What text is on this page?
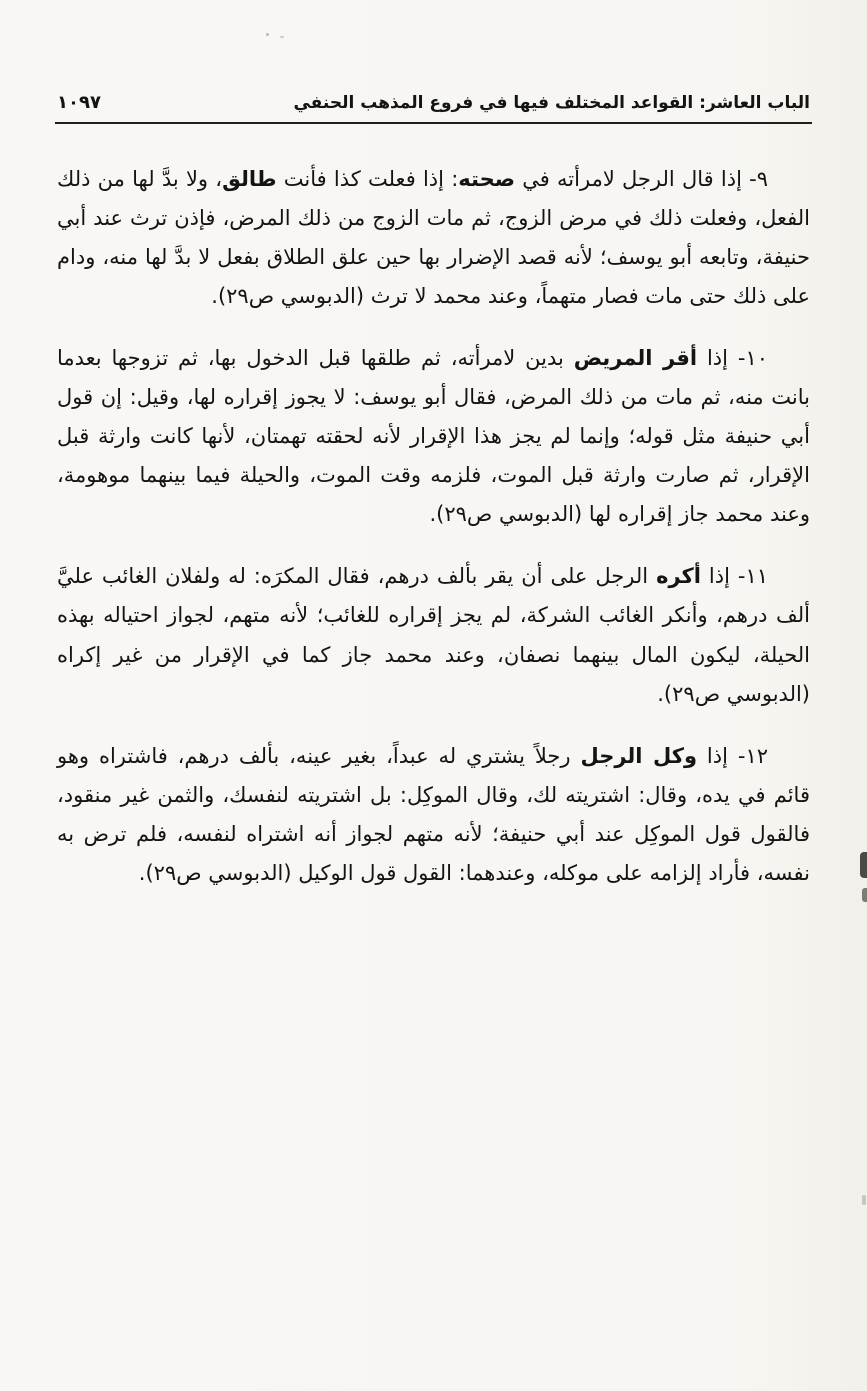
الباب العاشر: القواعد المختلف فيها في فروع المذهب الحنفي
١٠٩٧

٩- إذا قال الرجل لامرأته في صحته: إذا فعلت كذا فأنت طالق، ولا بدَّ لها من ذلك الفعل، وفعلت ذلك في مرض الزوج، ثم مات الزوج من ذلك المرض، فإذن ترث عند أبي حنيفة، وتابعه أبو يوسف؛ لأنه قصد الإضرار بها حين علق الطلاق بفعل لا بدَّ لها منه، ودام على ذلك حتى مات فصار متهماً، وعند محمد لا ترث (الدبوسي ص٢٩).

١٠- إذا أقر المريض بدين لامرأته، ثم طلقها قبل الدخول بها، ثم تزوجها بعدما بانت منه، ثم مات من ذلك المرض، فقال أبو يوسف: لا يجوز إقراره لها، وقيل: إن قول أبي حنيفة مثل قوله؛ وإنما لم يجز هذا الإقرار لأنه لحقته تهمتان، لأنها كانت وارثة قبل الإقرار، ثم صارت وارثة قبل الموت، فلزمه وقت الموت، والحيلة فيما بينهما موهومة، وعند محمد جاز إقراره لها (الدبوسي ص٢٩).

١١- إذا أكره الرجل على أن يقر بألف درهم، فقال المكرَه: له ولفلان الغائب عليَّ ألف درهم، وأنكر الغائب الشركة، لم يجز إقراره للغائب؛ لأنه متهم، لجواز احتياله بهذه الحيلة، ليكون المال بينهما نصفان، وعند محمد جاز كما في الإقرار من غير إكراه (الدبوسي ص٢٩).

١٢- إذا وكل الرجل رجلاً يشتري له عبداً، بغير عينه، بألف درهم، فاشتراه وهو قائم في يده، وقال: اشتريته لك، وقال الموكِل: بل اشتريته لنفسك، والثمن غير منقود، فالقول قول الموكِل عند أبي حنيفة؛ لأنه متهم لجواز أنه اشتراه لنفسه، فلم ترض به نفسه، فأراد إلزامه على موكله، وعندهما: القول قول الوكيل (الدبوسي ص٢٩).
